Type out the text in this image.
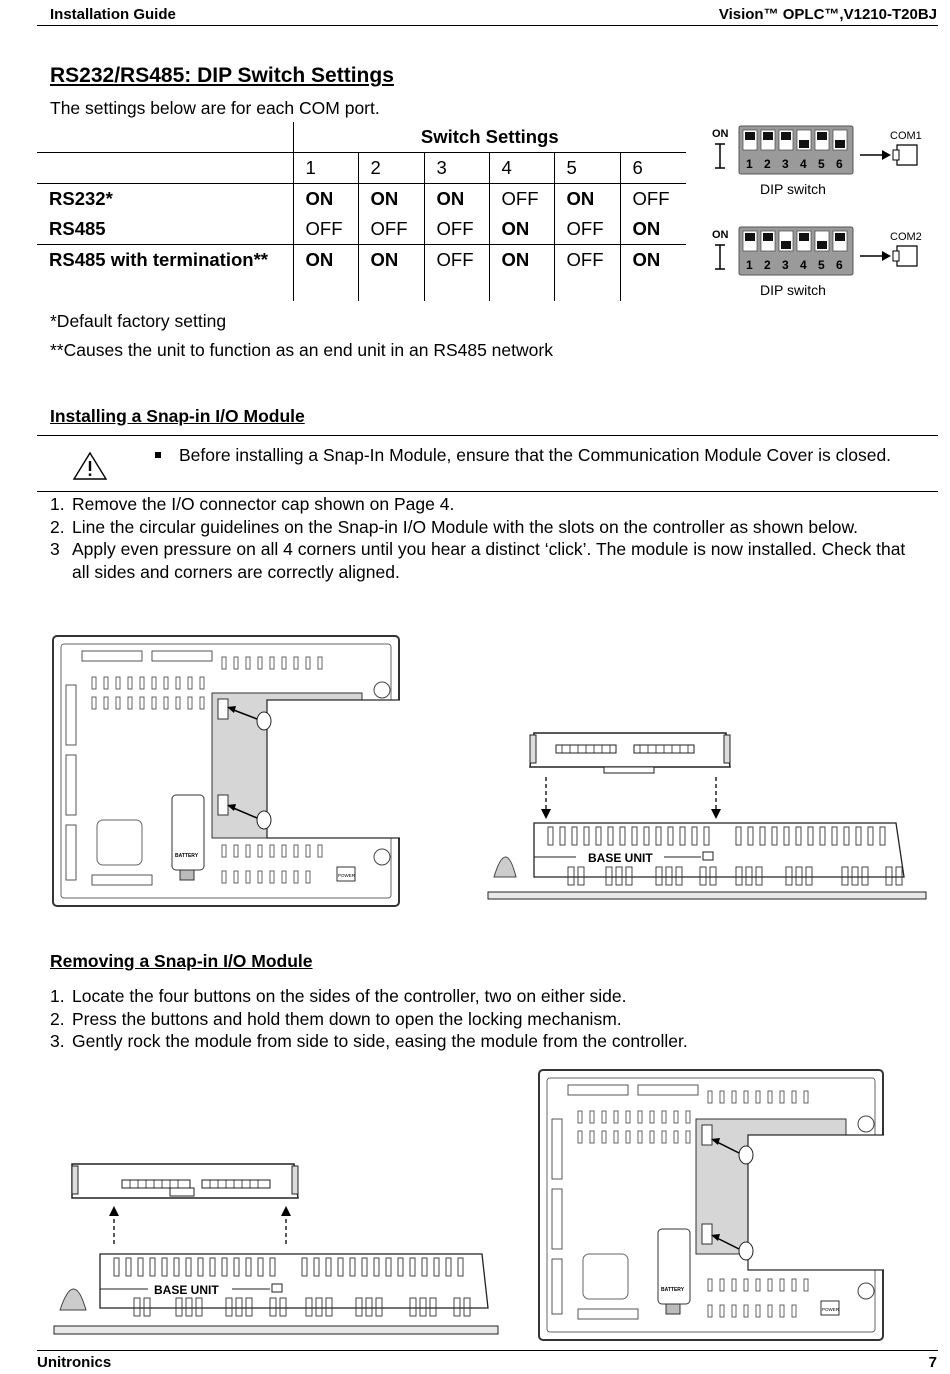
Installation Guide	Vision™ OPLC™,V1210-T20BJ
RS232/RS485: DIP Switch Settings
The settings below are for each COM port.
	Switch Settings					
	1	2	3	4	5	6
RS232*	ON	ON	ON	OFF	ON	OFF
RS485	OFF	OFF	OFF	ON	OFF	ON
RS485 with termination**	ON	ON	OFF	ON	OFF	ON
ON
1 2 3 4 5 6
DIP switch
COM1
ON
1 2 3 4 5 6
DIP switch
COM2
*Default factory setting
**Causes the unit to function as an end unit in an RS485 network
Installing a Snap-in I/O Module
Before installing a Snap-In Module, ensure that the Communication Module Cover is closed.
1. Remove the I/O connector cap shown on Page 4.
2. Line the circular guidelines on the Snap-in I/O Module with the slots on the controller as shown below.
3 Apply even pressure on all 4 corners until you hear a distinct ‘click’. The module is now installed. Check that all sides and corners are correctly aligned.
BATTERY
POWER
BASE UNIT
Removing a Snap-in I/O Module
1. Locate the four buttons on the sides of the controller, two on either side.
2. Press the buttons and hold them down to open the locking mechanism.
3. Gently rock the module from side to side, easing the module from the controller.
BASE UNIT	BATTERY
POWER
Unitronics	7
